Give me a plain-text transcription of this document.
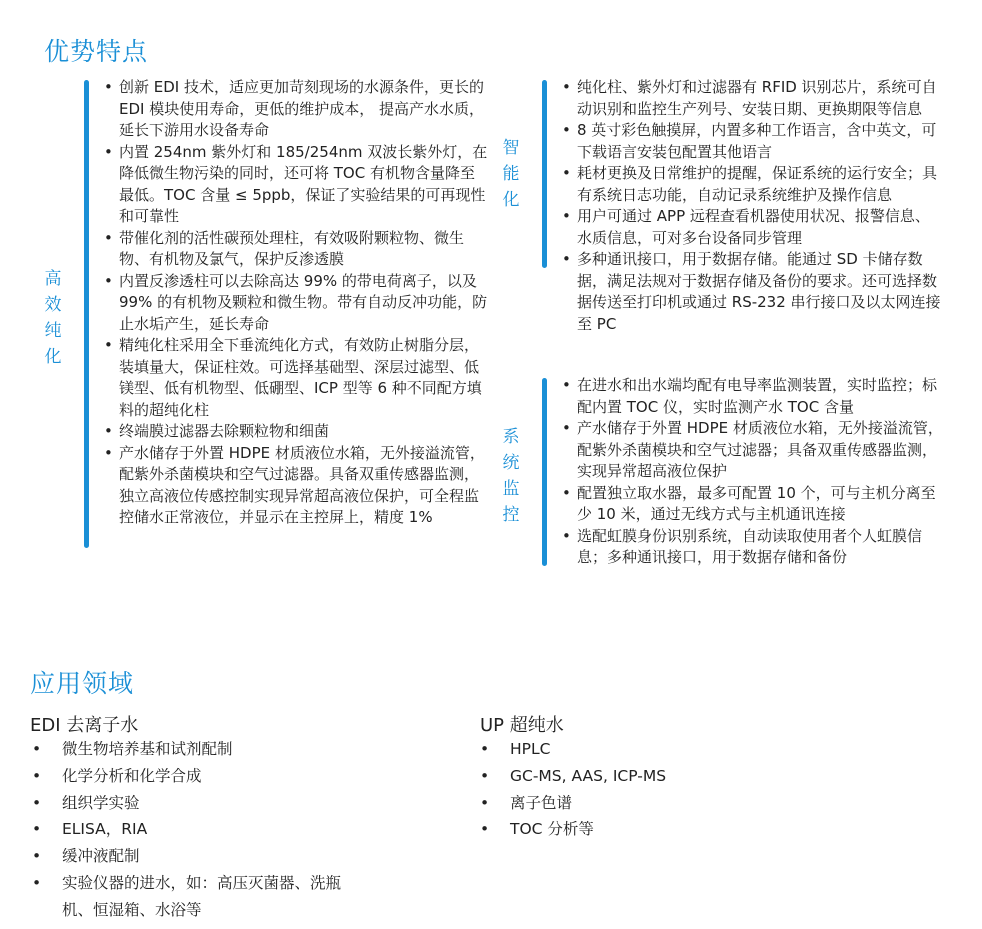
优势特点
高效纯化
• 创新 EDI 技术，适应更加苛刻现场的水源条件，更长的 EDI 模块使用寿命，更低的维护成本， 提高产水水质， 延长下游用水设备寿命
• 内置 254nm 紫外灯和 185/254nm 双波长紫外灯，在降低微生物污染的同时，还可将 TOC 有机物含量降至最低。TOC 含量 ≤ 5ppb，保证了实验结果的可再现性和可靠性
• 带催化剂的活性碳预处理柱，有效吸附颗粒物、微生物、有机物及氯气，保护反渗透膜
• 内置反渗透柱可以去除高达 99% 的带电荷离子，以及 99% 的有机物及颗粒和微生物。带有自动反冲功能，防止水垢产生，延长寿命
• 精纯化柱采用全下垂流纯化方式，有效防止树脂分层，装填量大，保证柱效。可选择基础型、深层过滤型、低镁型、低有机物型、低硼型、ICP 型等 6 种不同配方填料的超纯化柱
• 终端膜过滤器去除颗粒物和细菌
• 产水储存于外置 HDPE 材质液位水箱，无外接溢流管，配紫外杀菌模块和空气过滤器。具备双重传感器监测，独立高液位传感控制实现异常超高液位保护，可全程监控储水正常液位，并显示在主控屏上，精度 1%
智能化
• 纯化柱、紫外灯和过滤器有 RFID 识别芯片，系统可自动识别和监控生产列号、安装日期、更换期限等信息
• 8 英寸彩色触摸屏，内置多种工作语言，含中英文，可下载语言安装包配置其他语言
• 耗材更换及日常维护的提醒，保证系统的运行安全；具有系统日志功能，自动记录系统维护及操作信息
• 用户可通过 APP 远程查看机器使用状况、报警信息、水质信息，可对多台设备同步管理
• 多种通讯接口，用于数据存储。能通过 SD 卡储存数据，满足法规对于数据存储及备份的要求。还可选择数据传送至打印机或通过 RS-232 串行接口及以太网连接至 PC
系统监控
• 在进水和出水端均配有电导率监测装置，实时监控；标配内置 TOC 仪，实时监测产水 TOC 含量
• 产水储存于外置 HDPE 材质液位水箱，无外接溢流管，配紫外杀菌模块和空气过滤器；具备双重传感器监测，实现异常超高液位保护
• 配置独立取水器，最多可配置 10 个，可与主机分离至少 10 米，通过无线方式与主机通讯连接
• 选配虹膜身份识别系统，自动读取使用者个人虹膜信息；多种通讯接口，用于数据存储和备份
应用领域
EDI 去离子水
• 微生物培养基和试剂配制
• 化学分析和化学合成
• 组织学实验
• ELISA，RIA
• 缓冲液配制
• 实验仪器的进水，如：高压灭菌器、洗瓶机、恒湿箱、水浴等
UP 超纯水
• HPLC
• GC-MS, AAS, ICP-MS
• 离子色谱
• TOC 分析等
